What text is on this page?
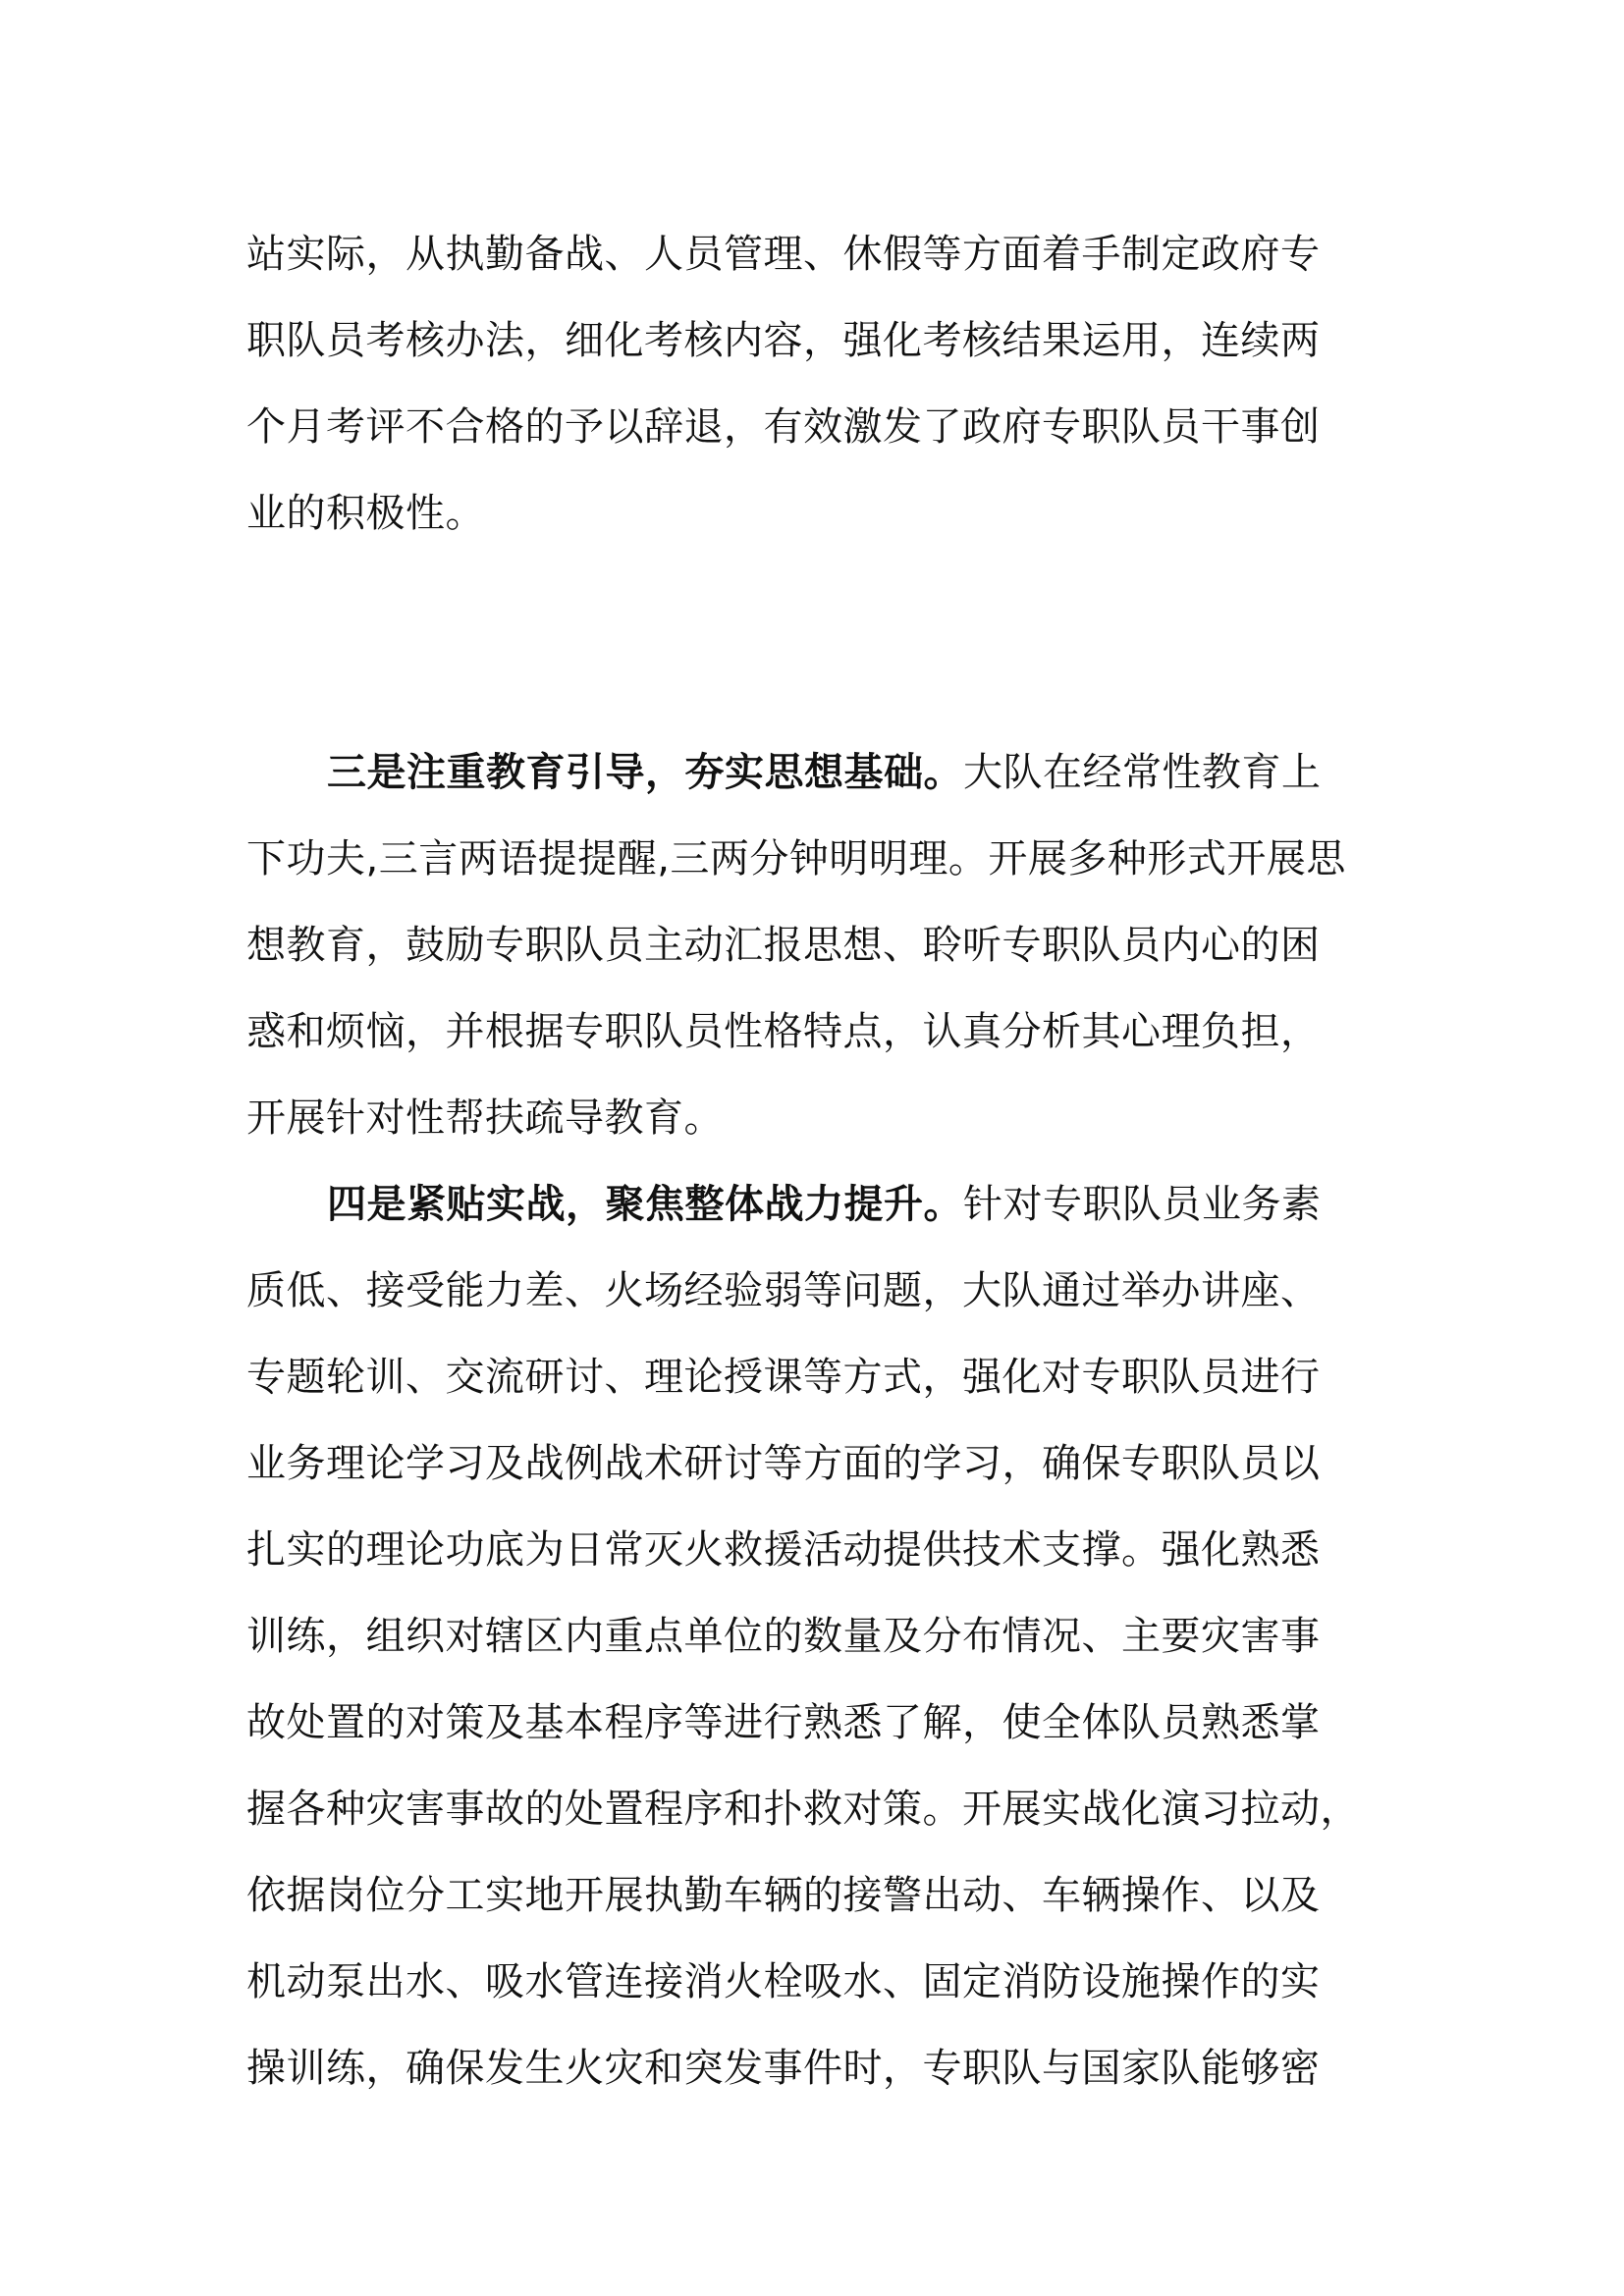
站实际，从执勤备战、人员管理、休假等方面着手制定政府专
职队员考核办法，细化考核内容，强化考核结果运用，连续两
个月考评不合格的予以辞退，有效激发了政府专职队员干事创
业的积极性。
三是注重教育引导，夯实思想基础。大队在经常性教育上
下功夫,三言两语提提醒,三两分钟明明理。开展多种形式开展思
想教育，鼓励专职队员主动汇报思想、聆听专职队员内心的困
惑和烦恼，并根据专职队员性格特点，认真分析其心理负担，
开展针对性帮扶疏导教育。
四是紧贴实战，聚焦整体战力提升。针对专职队员业务素
质低、接受能力差、火场经验弱等问题，大队通过举办讲座、
专题轮训、交流研讨、理论授课等方式，强化对专职队员进行
业务理论学习及战例战术研讨等方面的学习，确保专职队员以
扎实的理论功底为日常灭火救援活动提供技术支撑。强化熟悉
训练，组织对辖区内重点单位的数量及分布情况、主要灾害事
故处置的对策及基本程序等进行熟悉了解，使全体队员熟悉掌
握各种灾害事故的处置程序和扑救对策。开展实战化演习拉动，
依据岗位分工实地开展执勤车辆的接警出动、车辆操作、以及
机动泵出水、吸水管连接消火栓吸水、固定消防设施操作的实
操训练，确保发生火灾和突发事件时，专职队与国家队能够密
